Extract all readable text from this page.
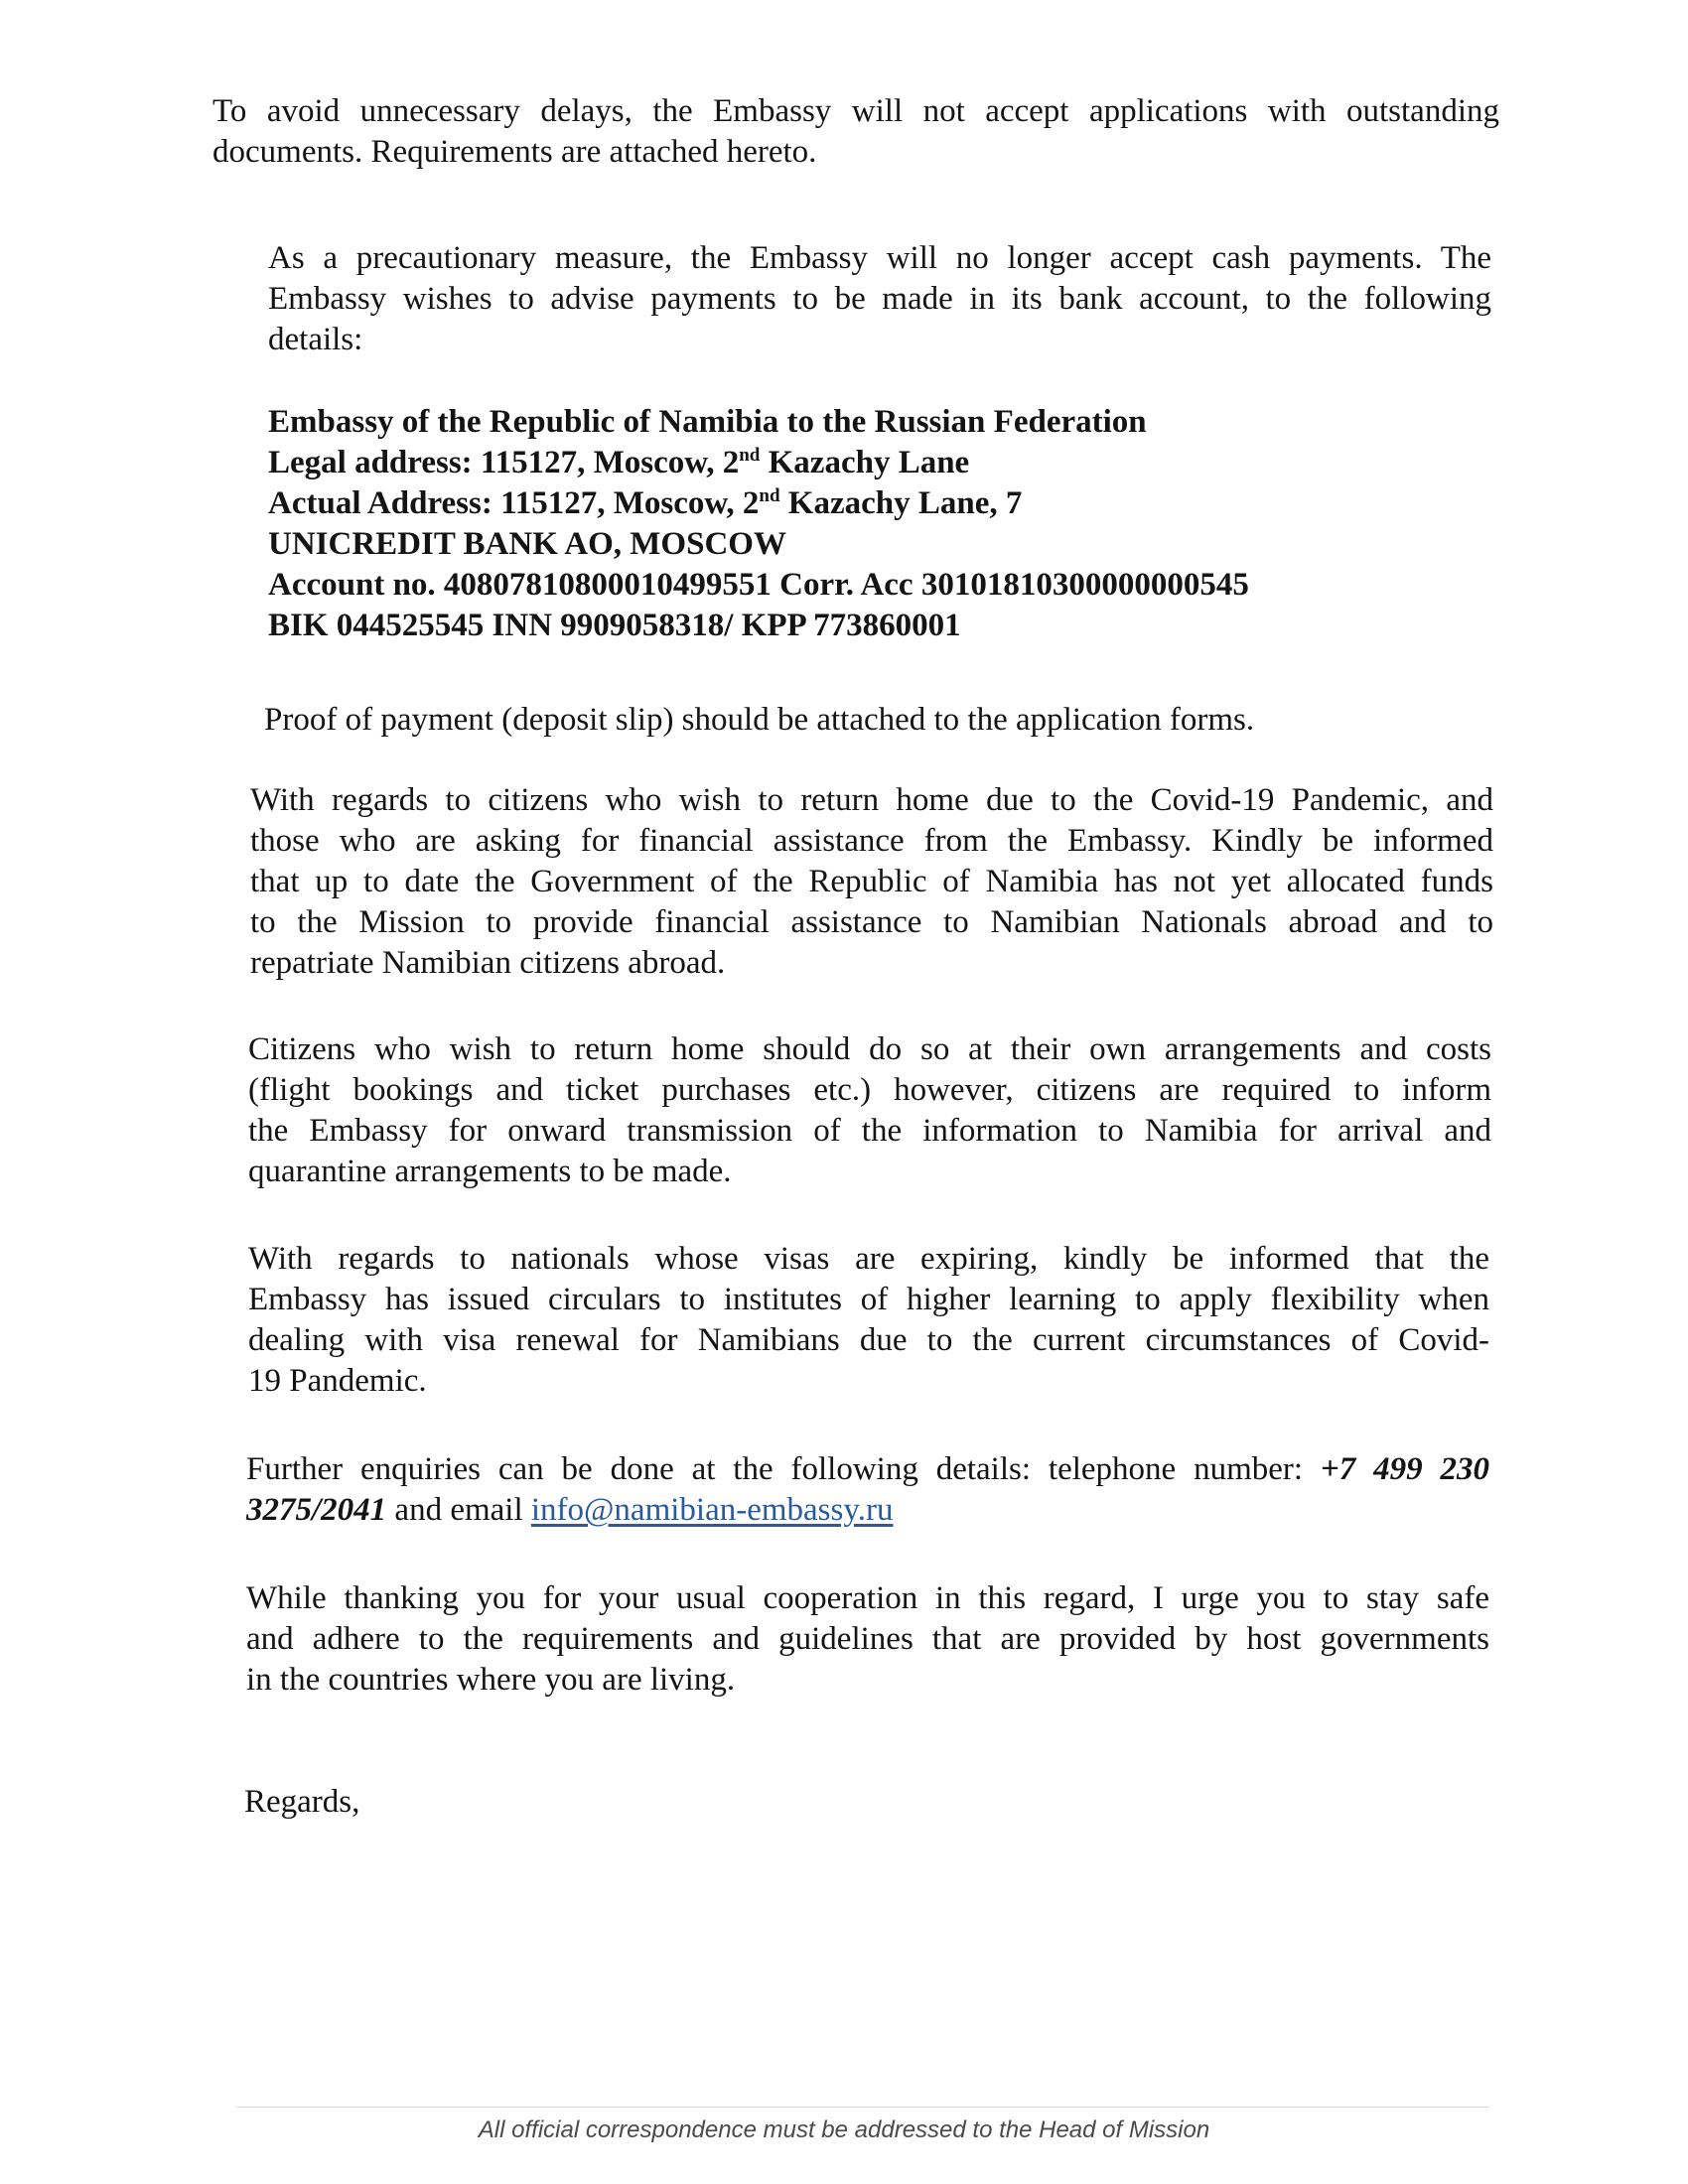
To avoid unnecessary delays, the Embassy will not accept applications with outstanding
documents. Requirements are attached hereto.
As a precautionary measure, the Embassy will no longer accept cash payments. The
Embassy wishes to advise payments to be made in its bank account, to the following
details:
Embassy of the Republic of Namibia to the Russian Federation
Legal address: 115127, Moscow, 2nd Kazachy Lane
Actual Address: 115127, Moscow, 2nd Kazachy Lane, 7
UNICREDIT BANK AO, MOSCOW
Account no. 40807810800010499551 Corr. Acc 30101810300000000545
BIK 044525545 INN 9909058318/ KPP 773860001
Proof of payment (deposit slip) should be attached to the application forms.
With regards to citizens who wish to return home due to the Covid-19 Pandemic, and
those who are asking for financial assistance from the Embassy. Kindly be informed
that up to date the Government of the Republic of Namibia has not yet allocated funds
to the Mission to provide financial assistance to Namibian Nationals abroad and to
repatriate Namibian citizens abroad.
Citizens who wish to return home should do so at their own arrangements and costs
(flight bookings and ticket purchases etc.) however, citizens are required to inform
the Embassy for onward transmission of the information to Namibia for arrival and
quarantine arrangements to be made.
With regards to nationals whose visas are expiring, kindly be informed that the
Embassy has issued circulars to institutes of higher learning to apply flexibility when
dealing with visa renewal for Namibians due to the current circumstances of Covid-
19 Pandemic.
Further enquiries can be done at the following details: telephone number: +7 499 230
3275/2041 and email info@namibian-embassy.ru
While thanking you for your usual cooperation in this regard, I urge you to stay safe
and adhere to the requirements and guidelines that are provided by host governments
in the countries where you are living.
Regards,
All official correspondence must be addressed to the Head of Mission
